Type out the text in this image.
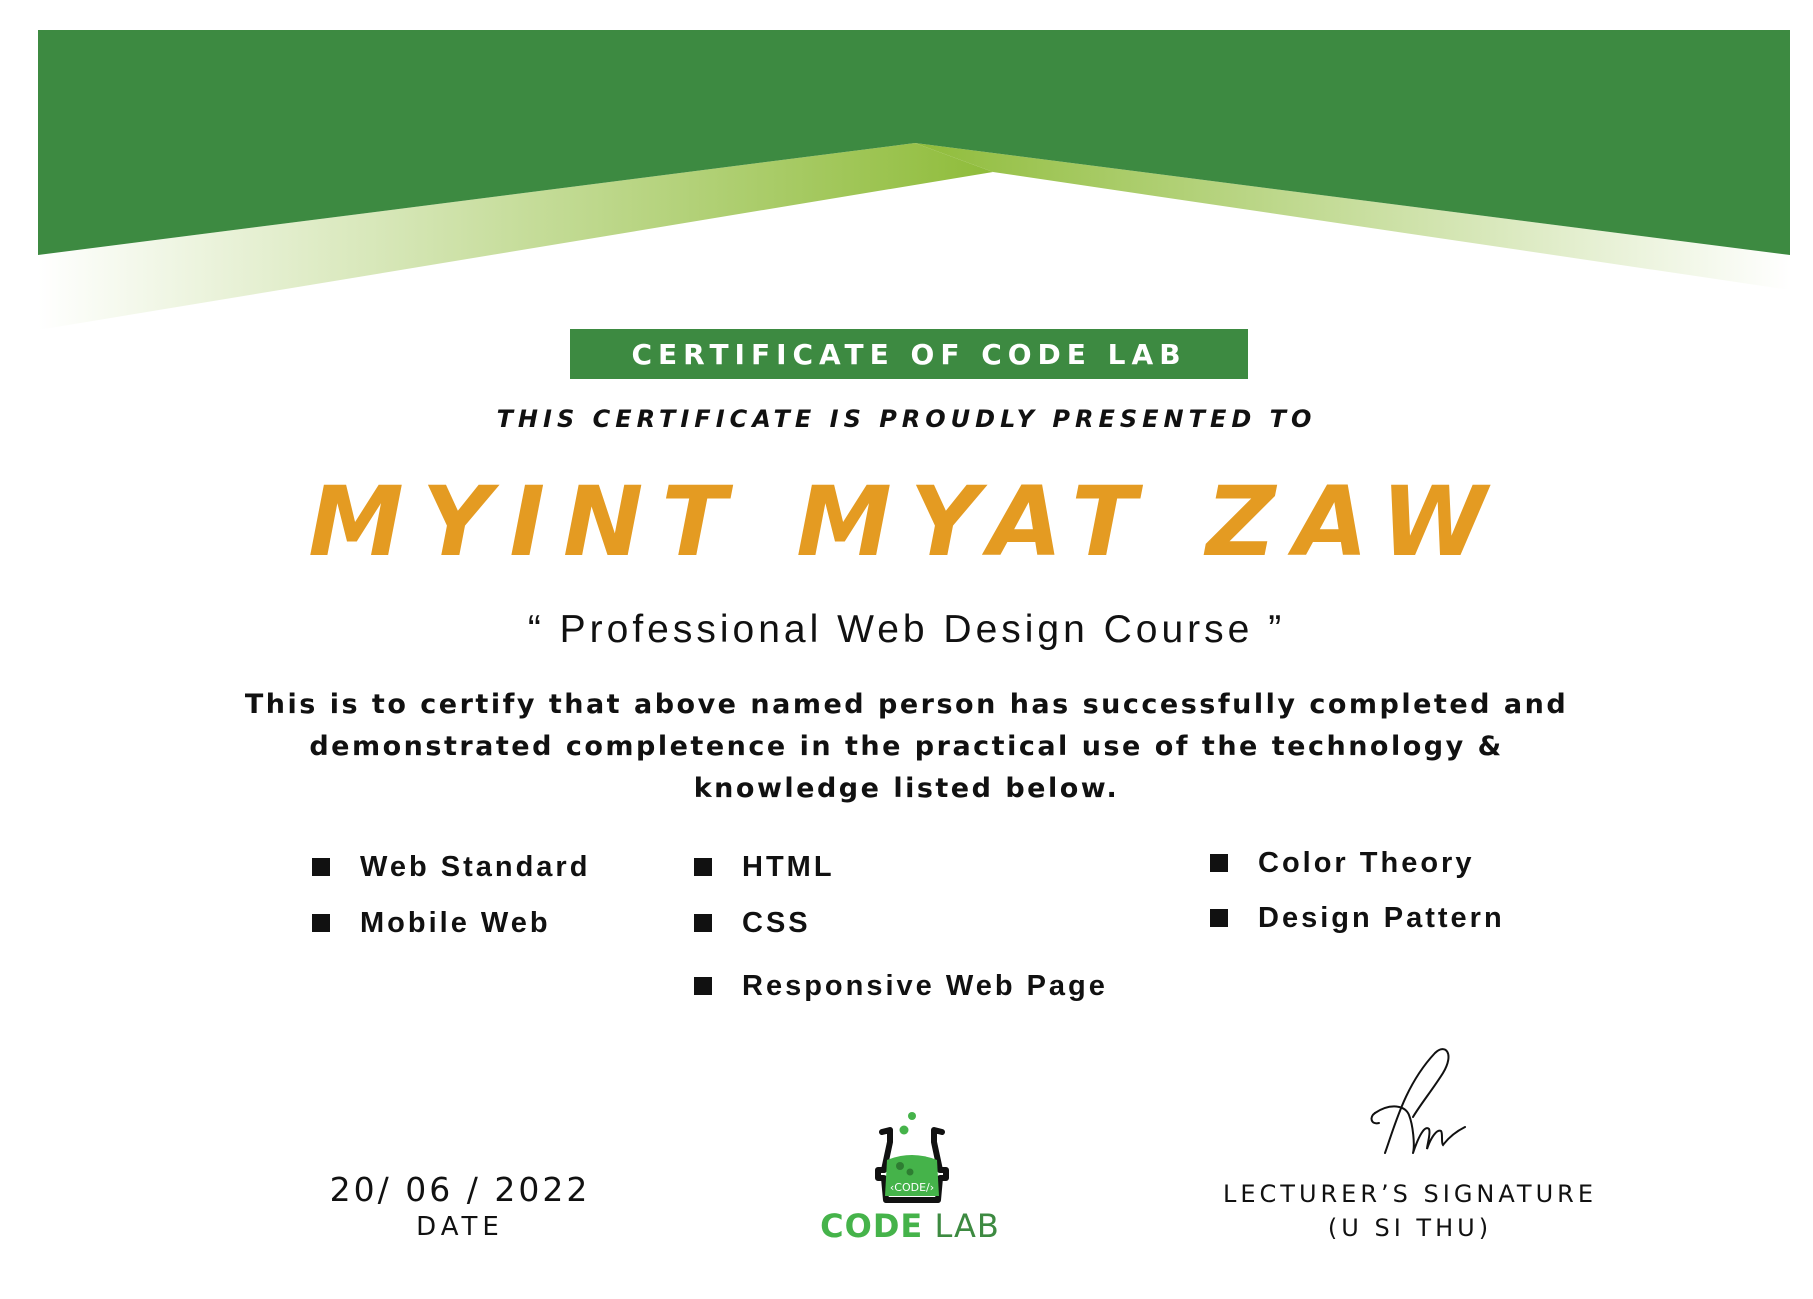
CERTIFICATE OF CODE LAB
THIS CERTIFICATE IS PROUDLY PRESENTED TO
MYINT MYAT ZAW
“ Professional Web Design Course ”
This is to certify that above named person has successfully completed and demonstrated completence in the practical use of the technology & knowledge listed below.
Web Standard
Mobile Web
HTML
CSS
Responsive Web Page
Color Theory
Design Pattern
20/ 06 / 2022
DATE
‹CODE/›
CODE LAB
LECTURER’S SIGNATURE
(U SI THU)
